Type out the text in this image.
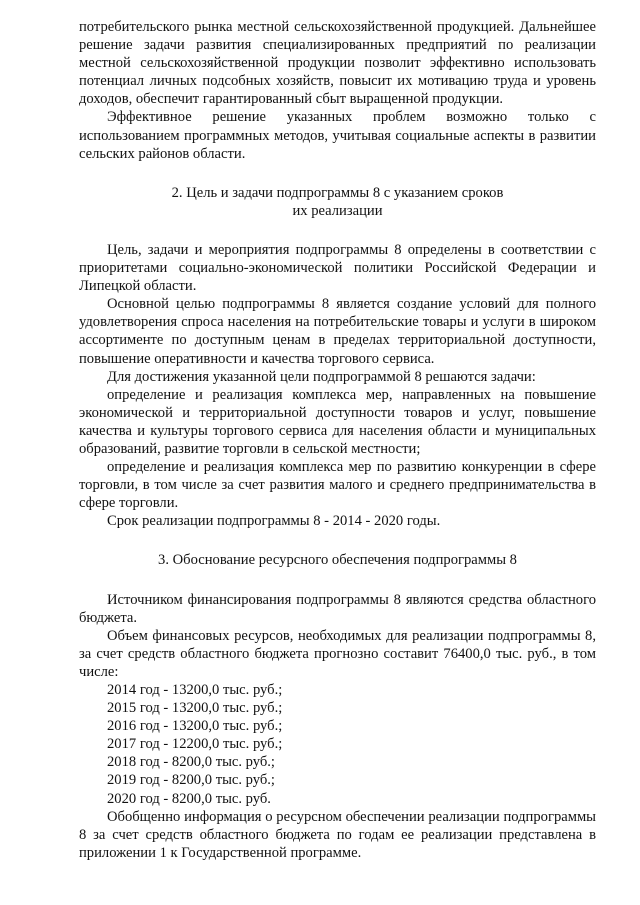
потребительского рынка местной сельскохозяйственной продукцией. Дальнейшее решение задачи развития специализированных предприятий по реализации местной сельскохозяйственной продукции позволит эффективно использовать потенциал личных подсобных хозяйств, повысит их мотивацию труда и уровень доходов, обеспечит гарантированный сбыт выращенной продукции.

Эффективное решение указанных проблем возможно только с использованием программных методов, учитывая социальные аспекты в развитии сельских районов области.

2. Цель и задачи подпрограммы 8 с указанием сроков

их реализации

Цель, задачи и мероприятия подпрограммы 8 определены в соответствии с приоритетами социально-экономической политики Российской Федерации и Липецкой области.

Основной целью подпрограммы 8 является создание условий для полного удовлетворения спроса населения на потребительские товары и услуги в широком ассортименте по доступным ценам в пределах территориальной доступности, повышение оперативности и качества торгового сервиса.

Для достижения указанной цели подпрограммой 8 решаются задачи:

определение и реализация комплекса мер, направленных на повышение экономической и территориальной доступности товаров и услуг, повышение качества и культуры торгового сервиса для населения области и муниципальных образований, развитие торговли в сельской местности;

определение и реализация комплекса мер по развитию конкуренции в сфере торговли, в том числе за счет развития малого и среднего предпринимательства в сфере торговли.

Срок реализации подпрограммы 8 - 2014 - 2020 годы.

3. Обоснование ресурсного обеспечения подпрограммы 8

Источником финансирования подпрограммы 8 являются средства областного бюджета.

Объем финансовых ресурсов, необходимых для реализации подпрограммы 8, за счет средств областного бюджета прогнозно составит 76400,0 тыс. руб., в том числе:

2014 год - 13200,0 тыс. руб.;

2015 год - 13200,0 тыс. руб.;

2016 год - 13200,0 тыс. руб.;

2017 год - 12200,0 тыс. руб.;

2018 год - 8200,0 тыс. руб.;

2019 год - 8200,0 тыс. руб.;

2020 год - 8200,0 тыс. руб.

Обобщенно информация о ресурсном обеспечении реализации подпрограммы 8 за счет средств областного бюджета по годам ее реализации представлена в приложении 1 к Государственной программе.
